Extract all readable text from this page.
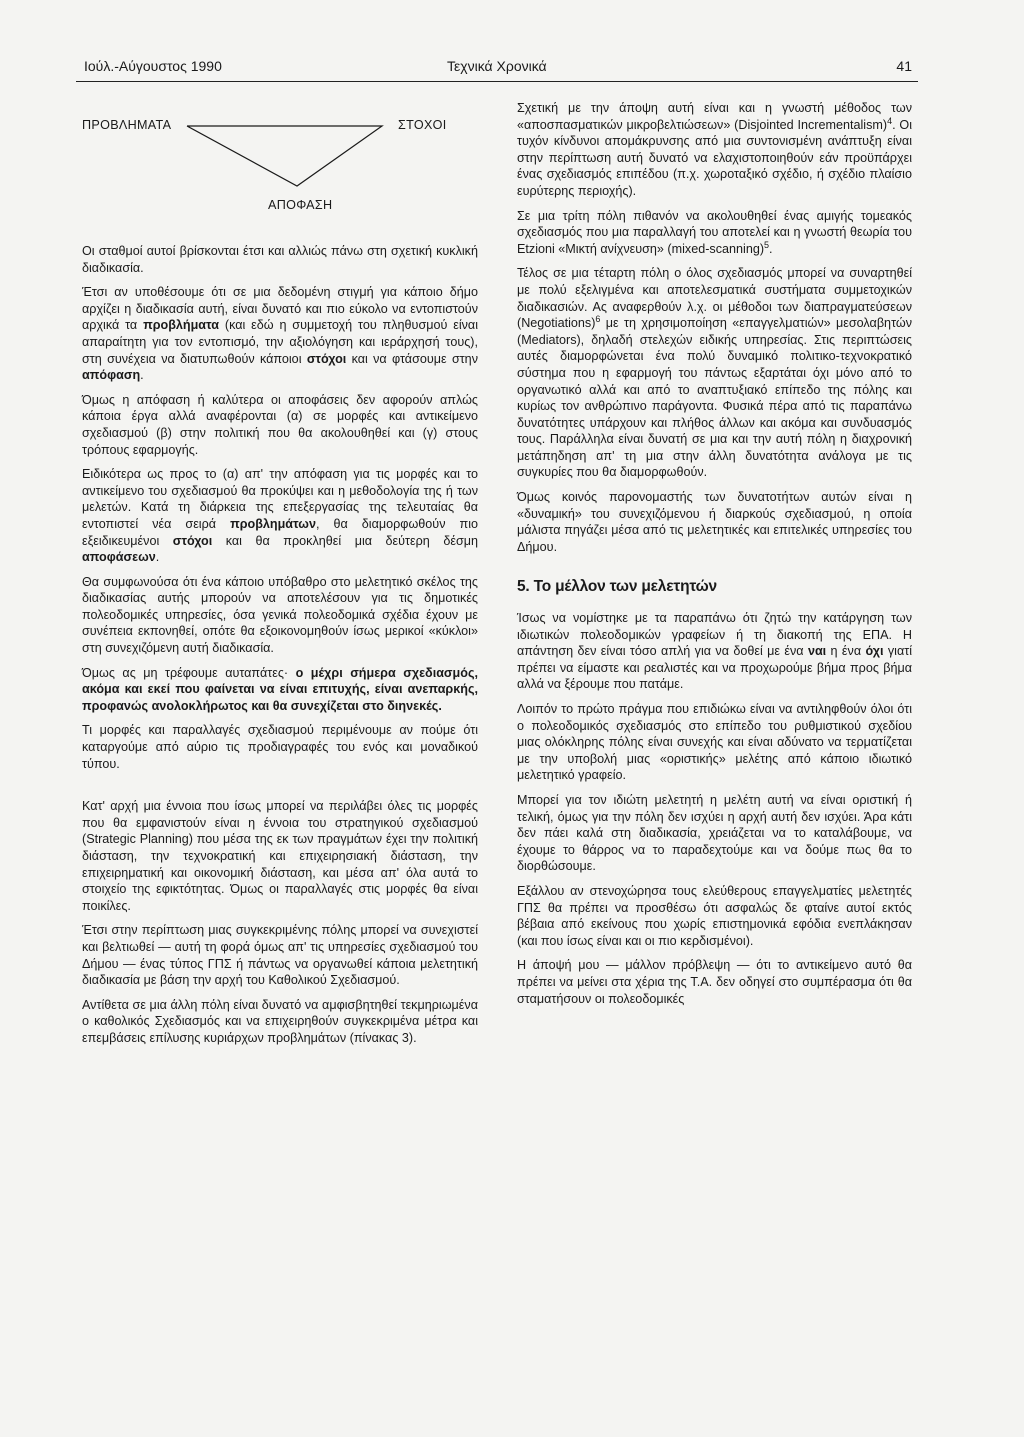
Ιούλ.-Αύγουστος 1990	Τεχνικά Χρονικά	41
ΠΡΟΒΛΗΜΑΤΑ	ΣΤΟΧΟΙ
ΑΠΟΦΑΣΗ

Οι σταθμοί αυτοί βρίσκονται έτσι και αλλιώς πάνω στη σχετική κυκλική διαδικασία.

Έτσι αν υποθέσουμε ότι σε μια δεδομένη στιγμή για κάποιο δήμο αρχίζει η διαδικασία αυτή, είναι δυνατό και πιο εύκολο να εντοπιστούν αρχικά τα προβλήματα (και εδώ η συμμετοχή του πληθυσμού είναι απαραίτητη για τον εντοπισμό, την αξιολόγηση και ιεράρχησή τους), στη συνέχεια να διατυπωθούν κάποιοι στόχοι και να φτάσουμε στην απόφαση.

Όμως η απόφαση ή καλύτερα οι αποφάσεις δεν αφορούν απλώς κάποια έργα αλλά αναφέρονται (α) σε μορφές και αντικείμενο σχεδιασμού (β) στην πολιτική που θα ακολουθηθεί και (γ) στους τρόπους εφαρμογής.

Ειδικότερα ως προς το (α) απ' την απόφαση για τις μορφές και το αντικείμενο του σχεδιασμού θα προκύψει και η μεθοδολογία της ή των μελετών. Κατά τη διάρκεια της επεξεργασίας της τελευταίας θα εντοπιστεί νέα σειρά προβλημάτων, θα διαμορφωθούν πιο εξειδικευμένοι στόχοι και θα προκληθεί μια δεύτερη δέσμη αποφάσεων.

Θα συμφωνούσα ότι ένα κάποιο υπόβαθρο στο μελετητικό σκέλος της διαδικασίας αυτής μπορούν να αποτελέσουν για τις δημοτικές πολεοδομικές υπηρεσίες, όσα γενικά πολεοδομικά σχέδια έχουν με συνέπεια εκπονηθεί, οπότε θα εξοικονομηθούν ίσως μερικοί «κύκλοι» στη συνεχιζόμενη αυτή διαδικασία.

Όμως ας μη τρέφουμε αυταπάτες· ο μέχρι σήμερα σχεδιασμός, ακόμα και εκεί που φαίνεται να είναι επιτυχής, είναι ανεπαρκής, προφανώς ανολοκλήρωτος και θα συνεχίζεται στο διηνεκές.

Τι μορφές και παραλλαγές σχεδιασμού περιμένουμε αν πούμε ότι καταργούμε από αύριο τις προδιαγραφές του ενός και μοναδικού τύπου.

Κατ' αρχή μια έννοια που ίσως μπορεί να περιλάβει όλες τις μορφές που θα εμφανιστούν είναι η έννοια του στρατηγικού σχεδιασμού (Strategic Planning) που μέσα της εκ των πραγμάτων έχει την πολιτική διάσταση, την τεχνοκρατική και επιχειρησιακή διάσταση, την επιχειρηματική και οικονομική διάσταση, και μέσα απ' όλα αυτά το στοιχείο της εφικτότητας. Όμως οι παραλλαγές στις μορφές θα είναι ποικίλες.

Έτσι στην περίπτωση μιας συγκεκριμένης πόλης μπορεί να συνεχιστεί και βελτιωθεί — αυτή τη φορά όμως απ' τις υπηρεσίες σχεδιασμού του Δήμου — ένας τύπος ΓΠΣ ή πάντως να οργανωθεί κάποια μελετητική διαδικασία με βάση την αρχή του Καθολικού Σχεδιασμού.

Αντίθετα σε μια άλλη πόλη είναι δυνατό να αμφισβητηθεί τεκμηριωμένα ο καθολικός Σχεδιασμός και να επιχειρηθούν συγκεκριμένα μέτρα και επεμβάσεις επίλυσης κυριάρχων προβλημάτων (πίνακας 3).

Σχετική με την άποψη αυτή είναι και η γνωστή μέθοδος των «αποσπασματικών μικροβελτιώσεων» (Disjointed Incrementalism)$^4$. Οι τυχόν κίνδυνοι απομάκρυνσης από μια συντονισμένη ανάπτυξη είναι στην περίπτωση αυτή δυνατό να ελαχιστοποιηθούν εάν προϋπάρχει ένας σχεδιασμός επιπέδου (π.χ. χωροταξικό σχέδιο, ή σχέδιο πλαίσιο ευρύτερης περιοχής).

Σε μια τρίτη πόλη πιθανόν να ακολουθηθεί ένας αμιγής τομεακός σχεδιασμός που μια παραλλαγή του αποτελεί και η γνωστή θεωρία του Etzioni «Μικτή ανίχνευση» (mixed-scanning)$^5$.

Τέλος σε μια τέταρτη πόλη ο όλος σχεδιασμός μπορεί να συναρτηθεί με πολύ εξελιγμένα και αποτελεσματικά συστήματα συμμετοχικών διαδικασιών. Ας αναφερθούν λ.χ. οι μέθοδοι των διαπραγματεύσεων (Negotiations)$^6$ με τη χρησιμοποίηση «επαγγελματιών» μεσολαβητών (Mediators), δηλαδή στελεχών ειδικής υπηρεσίας. Στις περιπτώσεις αυτές διαμορφώνεται ένα πολύ δυναμικό πολιτικο-τεχνοκρατικό σύστημα που η εφαρμογή του πάντως εξαρτάται όχι μόνο από το οργανωτικό αλλά και από το αναπτυξιακό επίπεδο της πόλης και κυρίως τον ανθρώπινο παράγοντα. Φυσικά πέρα από τις παραπάνω δυνατότητες υπάρχουν και πλήθος άλλων και ακόμα και συνδυασμός τους. Παράλληλα είναι δυνατή σε μια και την αυτή πόλη η διαχρονική μετάπηδηση απ' τη μια στην άλλη δυνατότητα ανάλογα με τις συγκυρίες που θα διαμορφωθούν.

Όμως κοινός παρονομαστής των δυνατοτήτων αυτών είναι η «δυναμική» του συνεχιζόμενου ή διαρκούς σχεδιασμού, η οποία μάλιστα πηγάζει μέσα από τις μελετητικές και επιτελικές υπηρεσίες του Δήμου.

5. Το μέλλον των μελετητών

Ίσως να νομίστηκε με τα παραπάνω ότι ζητώ την κατάργηση των ιδιωτικών πολεοδομικών γραφείων ή τη διακοπή της ΕΠΑ. Η απάντηση δεν είναι τόσο απλή για να δοθεί με ένα ναι η ένα όχι γιατί πρέπει να είμαστε και ρεαλιστές και να προχωρούμε βήμα προς βήμα αλλά να ξέρουμε που πατάμε.

Λοιπόν το πρώτο πράγμα που επιδιώκω είναι να αντιληφθούν όλοι ότι ο πολεοδομικός σχεδιασμός στο επίπεδο του ρυθμιστικού σχεδίου μιας ολόκληρης πόλης είναι συνεχής και είναι αδύνατο να τερματίζεται με την υποβολή μιας «οριστικής» μελέτης από κάποιο ιδιωτικό μελετητικό γραφείο.

Μπορεί για τον ιδιώτη μελετητή η μελέτη αυτή να είναι οριστική ή τελική, όμως για την πόλη δεν ισχύει η αρχή αυτή δεν ισχύει. Άρα κάτι δεν πάει καλά στη διαδικασία, χρειάζεται να το καταλάβουμε, να έχουμε το θάρρος να το παραδεχτούμε και να δούμε πως θα το διορθώσουμε.

Εξάλλου αν στενοχώρησα τους ελεύθερους επαγγελματίες μελετητές ΓΠΣ θα πρέπει να προσθέσω ότι ασφαλώς δε φταίνε αυτοί εκτός βέβαια από εκείνους που χωρίς επιστημονικά εφόδια ενεπλάκησαν (και που ίσως είναι και οι πιο κερδισμένοι).

Η άποψή μου — μάλλον πρόβλεψη — ότι το αντικείμενο αυτό θα πρέπει να μείνει στα χέρια της Τ.Α. δεν οδηγεί στο συμπέρασμα ότι θα σταματήσουν οι πολεοδομικές
